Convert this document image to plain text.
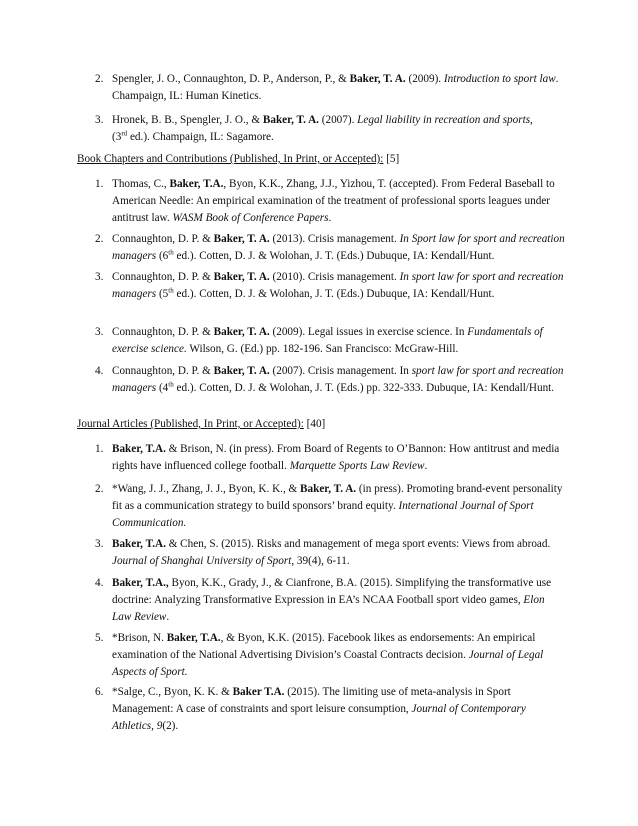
2. Spengler, J. O., Connaughton, D. P., Anderson, P., & Baker, T. A. (2009). Introduction to sport law. Champaign, IL: Human Kinetics.
3. Hronek, B. B., Spengler, J. O., & Baker, T. A. (2007). Legal liability in recreation and sports,
(3rd ed.). Champaign, IL: Sagamore.
Book Chapters and Contributions (Published, In Print, or Accepted): [5]
1. Thomas, C., Baker, T.A., Byon, K.K., Zhang, J.J., Yizhou, T. (accepted). From Federal Baseball to American Needle: An empirical examination of the treatment of professional sports leagues under antitrust law. WASM Book of Conference Papers.
2. Connaughton, D. P. & Baker, T. A. (2013). Crisis management. In Sport law for sport and recreation managers (6th ed.). Cotten, D. J. & Wolohan, J. T. (Eds.) Dubuque, IA: Kendall/Hunt.
3. Connaughton, D. P. & Baker, T. A. (2010). Crisis management. In sport law for sport and recreation managers (5th ed.). Cotten, D. J. & Wolohan, J. T. (Eds.) Dubuque, IA: Kendall/Hunt.
3. Connaughton, D. P. & Baker, T. A. (2009). Legal issues in exercise science. In Fundamentals of exercise science. Wilson, G. (Ed.) pp. 182-196. San Francisco: McGraw-Hill.
4. Connaughton, D. P. & Baker, T. A. (2007). Crisis management. In sport law for sport and recreation managers (4th ed.). Cotten, D. J. & Wolohan, J. T. (Eds.) pp. 322-333. Dubuque, IA: Kendall/Hunt.
Journal Articles (Published, In Print, or Accepted): [40]
1. Baker, T.A. & Brison, N. (in press). From Board of Regents to O’Bannon: How antitrust and media rights have influenced college football. Marquette Sports Law Review.
2. *Wang, J. J., Zhang, J. J., Byon, K. K., & Baker, T. A. (in press). Promoting brand-event personality fit as a communication strategy to build sponsors’ brand equity. International Journal of Sport Communication.
3. Baker, T.A. & Chen, S. (2015). Risks and management of mega sport events: Views from abroad. Journal of Shanghai University of Sport, 39(4), 6-11.
4. Baker, T.A., Byon, K.K., Grady, J., & Cianfrone, B.A. (2015). Simplifying the transformative use doctrine: Analyzing Transformative Expression in EA’s NCAA Football sport video games, Elon Law Review.
5. *Brison, N. Baker, T.A., & Byon, K.K. (2015). Facebook likes as endorsements: An empirical examination of the National Advertising Division’s Coastal Contracts decision. Journal of Legal Aspects of Sport.
6. *Salge, C., Byon, K. K. & Baker T.A. (2015). The limiting use of meta-analysis in Sport Management: A case of constraints and sport leisure consumption, Journal of Contemporary Athletics, 9(2).
